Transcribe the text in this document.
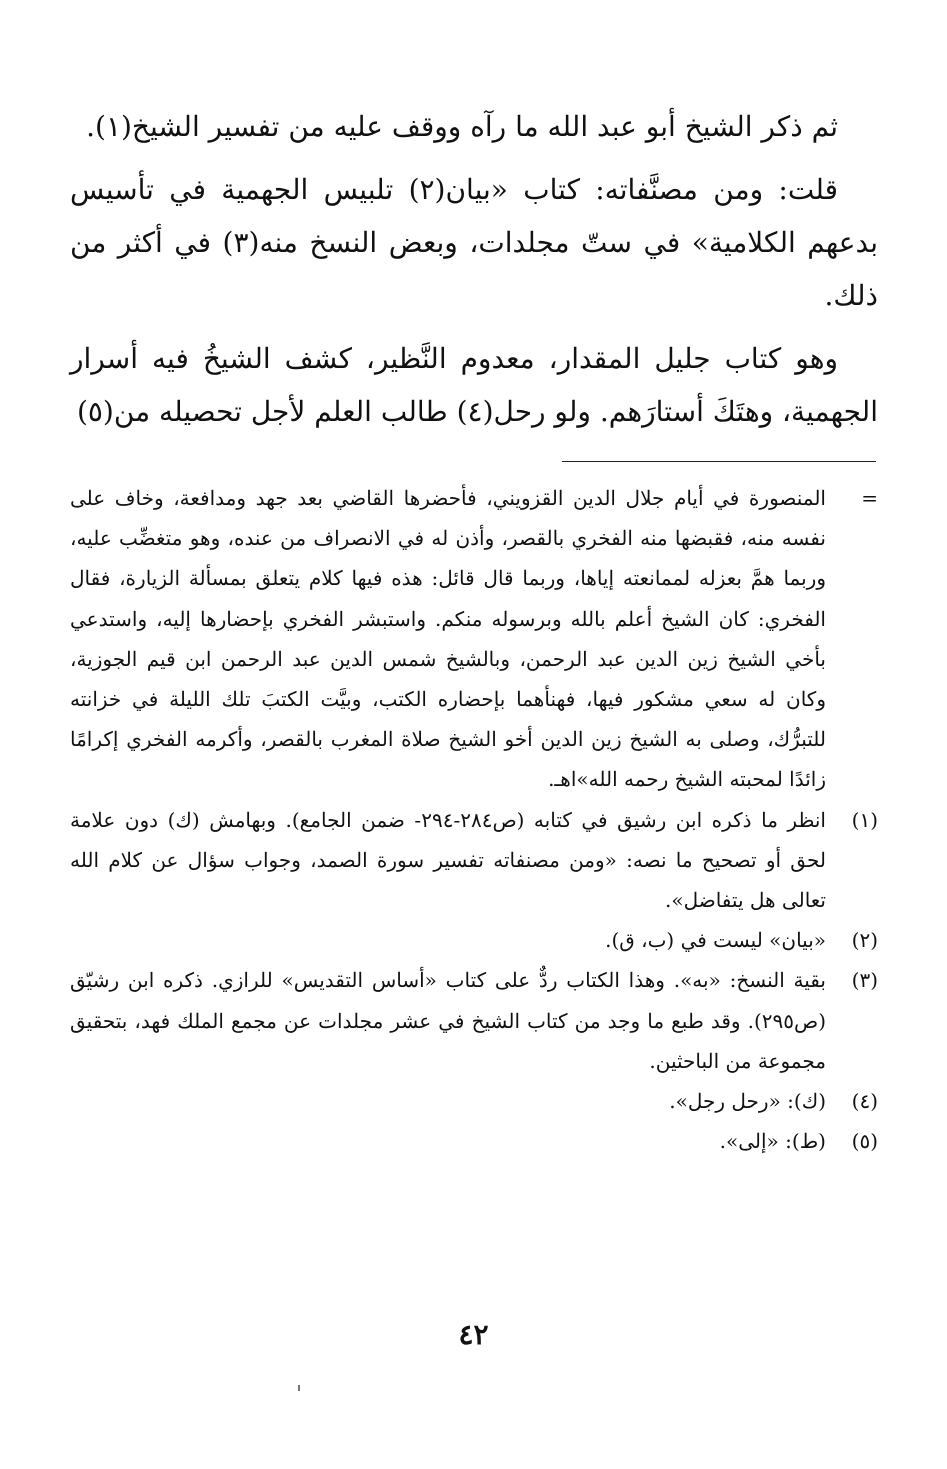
ثم ذكر الشيخ أبو عبد الله ما رآه ووقف عليه من تفسير الشيخ(١).

قلت: ومن مصنَّفاته: كتاب «بيان(٢) تلبيس الجهمية في تأسيس بدعهم الكلامية» في ستّ مجلدات، وبعض النسخ منه(٣) في أكثر من ذلك.

وهو كتاب جليل المقدار، معدوم النَّظير، كشف الشيخُ فيه أسرار الجهمية، وهتَكَ أستارَهم. ولو رحل(٤) طالب العلم لأجل تحصيله من(٥)

=
المنصورة في أيام جلال الدين القزويني، فأحضرها القاضي بعد جهد ومدافعة، وخاف على نفسه منه، فقبضها منه الفخري بالقصر، وأذن له في الانصراف من عنده، وهو متغضِّب عليه، وربما همَّ بعزله لممانعته إياها، وربما قال قائل: هذه فيها كلام يتعلق بمسألة الزيارة، فقال الفخري: كان الشيخ أعلم بالله وبرسوله منكم. واستبشر الفخري بإحضارها إليه، واستدعي بأخي الشيخ زين الدين عبد الرحمن، وبالشيخ شمس الدين عبد الرحمن ابن قيم الجوزية، وكان له سعي مشكور فيها، فهنأهما بإحضاره الكتب، وبيَّت الكتبَ تلك الليلة في خزانته للتبرُّك، وصلى به الشيخ زين الدين أخو الشيخ صلاة المغرب بالقصر، وأكرمه الفخري إكرامًا زائدًا لمحبته الشيخ رحمه الله»اهـ.
(١)
انظر ما ذكره ابن رشيق في كتابه (ص٢٨٤-٢٩٤- ضمن الجامع). وبهامش (ك) دون علامة لحق أو تصحيح ما نصه: «ومن مصنفاته تفسير سورة الصمد، وجواب سؤال عن كلام الله تعالى هل يتفاضل».
(٢)
«بيان» ليست في (ب، ق).
(٣)
بقية النسخ: «به». وهذا الكتاب ردٌّ على كتاب «أساس التقديس» للرازي. ذكره ابن رشيّق (ص٢٩٥). وقد طبع ما وجد من كتاب الشيخ في عشر مجلدات عن مجمع الملك فهد، بتحقيق مجموعة من الباحثين.
(٤)
(ك): «رحل رجل».
(٥)
(ط): «إلى».
٤٢
